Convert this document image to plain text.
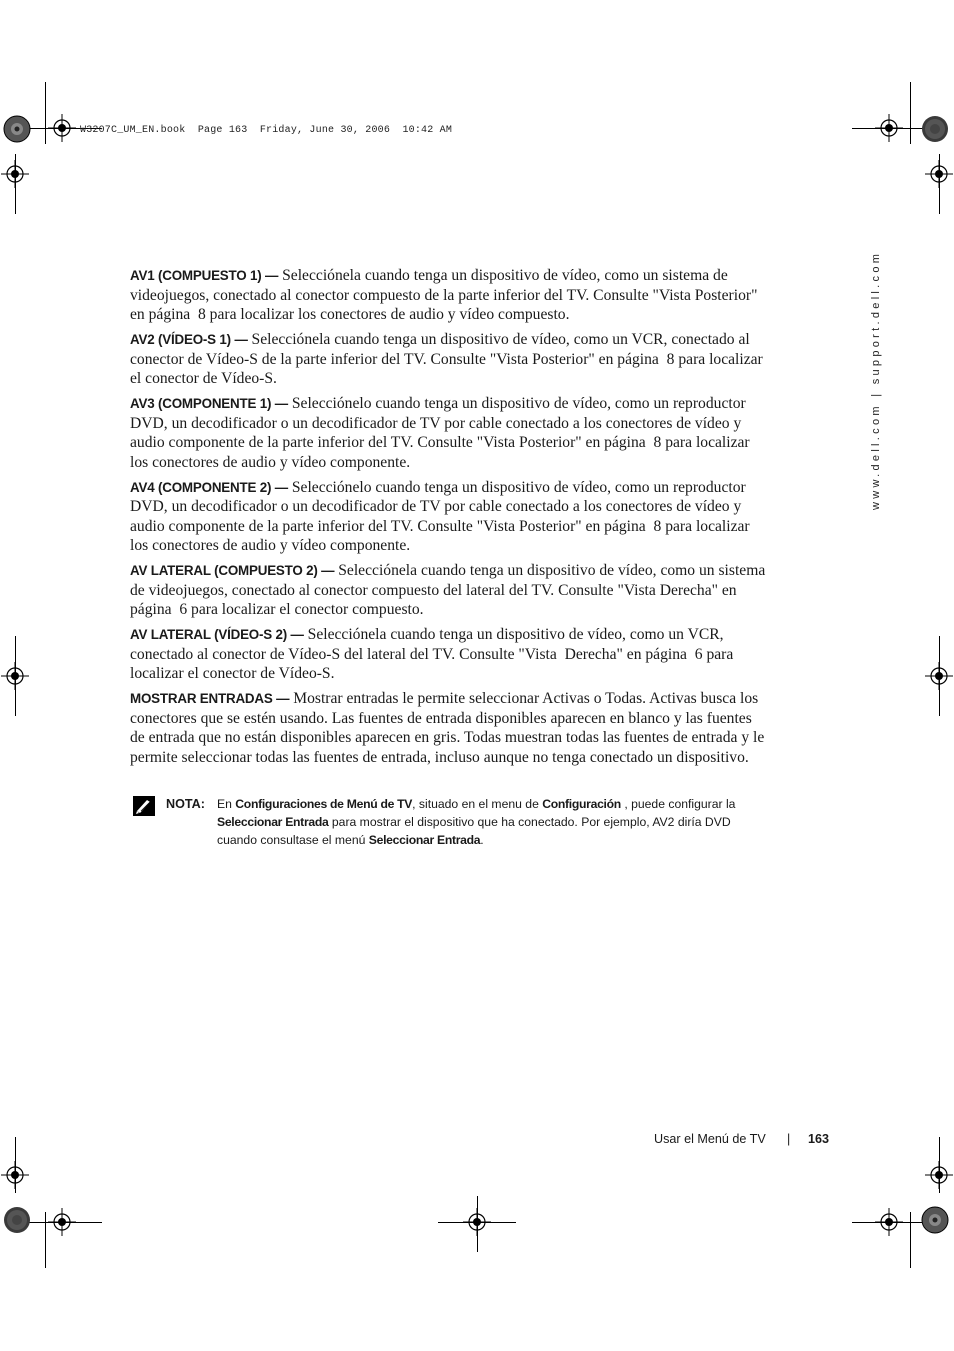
W3207C_UM_EN.book  Page 163  Friday, June 30, 2006  10:42 AM
www.dell.com | support.dell.com

AV1 (COMPUESTO 1) — Selecciónela cuando tenga un dispositivo de vídeo, como un sistema de videojuegos, conectado al conector compuesto de la parte inferior del TV. Consulte "Vista Posterior" en página  8 para localizar los conectores de audio y vídeo compuesto.

AV2 (VÍDEO-S 1) — Selecciónela cuando tenga un dispositivo de vídeo, como un VCR, conectado al conector de Vídeo-S de la parte inferior del TV. Consulte "Vista Posterior" en página  8 para localizar el conector de Vídeo-S.

AV3 (COMPONENTE 1) — Selecciónelo cuando tenga un dispositivo de vídeo, como un reproductor DVD, un decodificador o un decodificador de TV por cable conectado a los conectores de vídeo y audio componente de la parte inferior del TV. Consulte "Vista Posterior" en página  8 para localizar los conectores de audio y vídeo componente.

AV4 (COMPONENTE 2) — Selecciónelo cuando tenga un dispositivo de vídeo, como un reproductor DVD, un decodificador o un decodificador de TV por cable conectado a los conectores de vídeo y audio componente de la parte inferior del TV. Consulte "Vista Posterior" en página  8 para localizar los conectores de audio y vídeo componente.

AV LATERAL (COMPUESTO 2) — Selecciónela cuando tenga un dispositivo de vídeo, como un sistema de videojuegos, conectado al conector compuesto del lateral del TV. Consulte "Vista Derecha" en página  6 para localizar el conector compuesto.

AV LATERAL (VÍDEO-S 2) — Selecciónela cuando tenga un dispositivo de vídeo, como un VCR, conectado al conector de Vídeo-S del lateral del TV. Consulte "Vista  Derecha" en página  6 para localizar el conector de Vídeo-S.

MOSTRAR ENTRADAS — Mostrar entradas le permite seleccionar Activas o Todas. Activas busca los conectores que se estén usando. Las fuentes de entrada disponibles aparecen en blanco y las fuentes de entrada que no están disponibles aparecen en gris. Todas muestran todas las fuentes de entrada y le permite seleccionar todas las fuentes de entrada, incluso aunque no tenga conectado un dispositivo.

NOTA: En Configuraciones de Menú de TV, situado en el menu de Configuración , puede configurar la Seleccionar Entrada para mostrar el dispositivo que ha conectado. Por ejemplo, AV2 diría DVD cuando consultase el menú Seleccionar Entrada.
Usar el Menú de TV | 163
